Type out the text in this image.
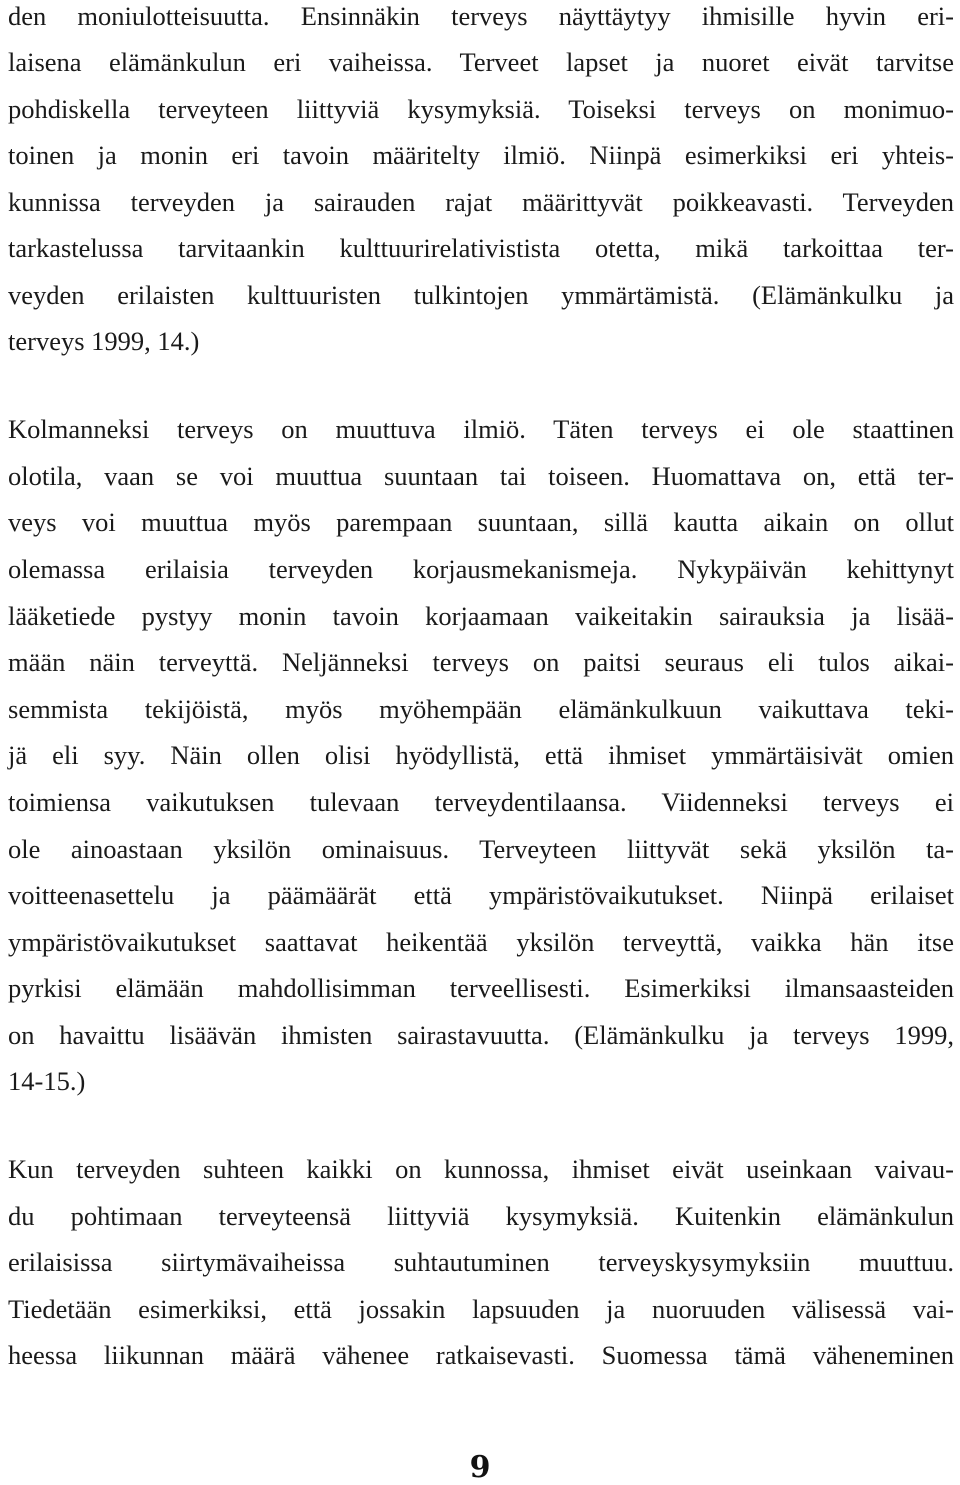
den moniulotteisuutta. Ensinnäkin terveys näyttäytyy ihmisille hyvin eri-
laisena elämänkulun eri vaiheissa. Terveet lapset ja nuoret eivät tarvitse
pohdiskella terveyteen liittyviä kysymyksiä. Toiseksi terveys on monimuo-
toinen ja monin eri tavoin määritelty ilmiö. Niinpä esimerkiksi eri yhteis-
kunnissa terveyden ja sairauden rajat määrittyvät poikkeavasti. Terveyden
tarkastelussa tarvitaankin kulttuurirelativistista otetta, mikä tarkoittaa ter-
veyden erilaisten kulttuuristen tulkintojen ymmärtämistä. (Elämänkulku ja
terveys 1999, 14.)
Kolmanneksi terveys on muuttuva ilmiö. Täten terveys ei ole staattinen
olotila, vaan se voi muuttua suuntaan tai toiseen. Huomattava on, että ter-
veys voi muuttua myös parempaan suuntaan, sillä kautta aikain on ollut
olemassa erilaisia terveyden korjausmekanismeja. Nykypäivän kehittynyt
lääketiede pystyy monin tavoin korjaamaan vaikeitakin sairauksia ja lisää-
mään näin terveyttä. Neljänneksi terveys on paitsi seuraus eli tulos aikai-
semmista tekijöistä, myös myöhempään elämänkulkuun vaikuttava teki-
jä eli syy. Näin ollen olisi hyödyllistä, että ihmiset ymmärtäisivät omien
toimiensa vaikutuksen tulevaan terveydentilaansa. Viidenneksi terveys ei
ole ainoastaan yksilön ominaisuus. Terveyteen liittyvät sekä yksilön ta-
voitteenasettelu ja päämäärät että ympäristövaikutukset. Niinpä erilaiset
ympäristövaikutukset saattavat heikentää yksilön terveyttä, vaikka hän itse
pyrkisi elämään mahdollisimman terveellisesti. Esimerkiksi ilmansaasteiden
on havaittu lisäävän ihmisten sairastavuutta. (Elämänkulku ja terveys 1999,
14-15.)
Kun terveyden suhteen kaikki on kunnossa, ihmiset eivät useinkaan vaivau-
du pohtimaan terveyteensä liittyviä kysymyksiä. Kuitenkin elämänkulun
erilaisissa siirtymävaiheissa suhtautuminen terveyskysymyksiin muuttuu.
Tiedetään esimerkiksi, että jossakin lapsuuden ja nuoruuden välisessä vai-
heessa liikunnan määrä vähenee ratkaisevasti. Suomessa tämä väheneminen
9
